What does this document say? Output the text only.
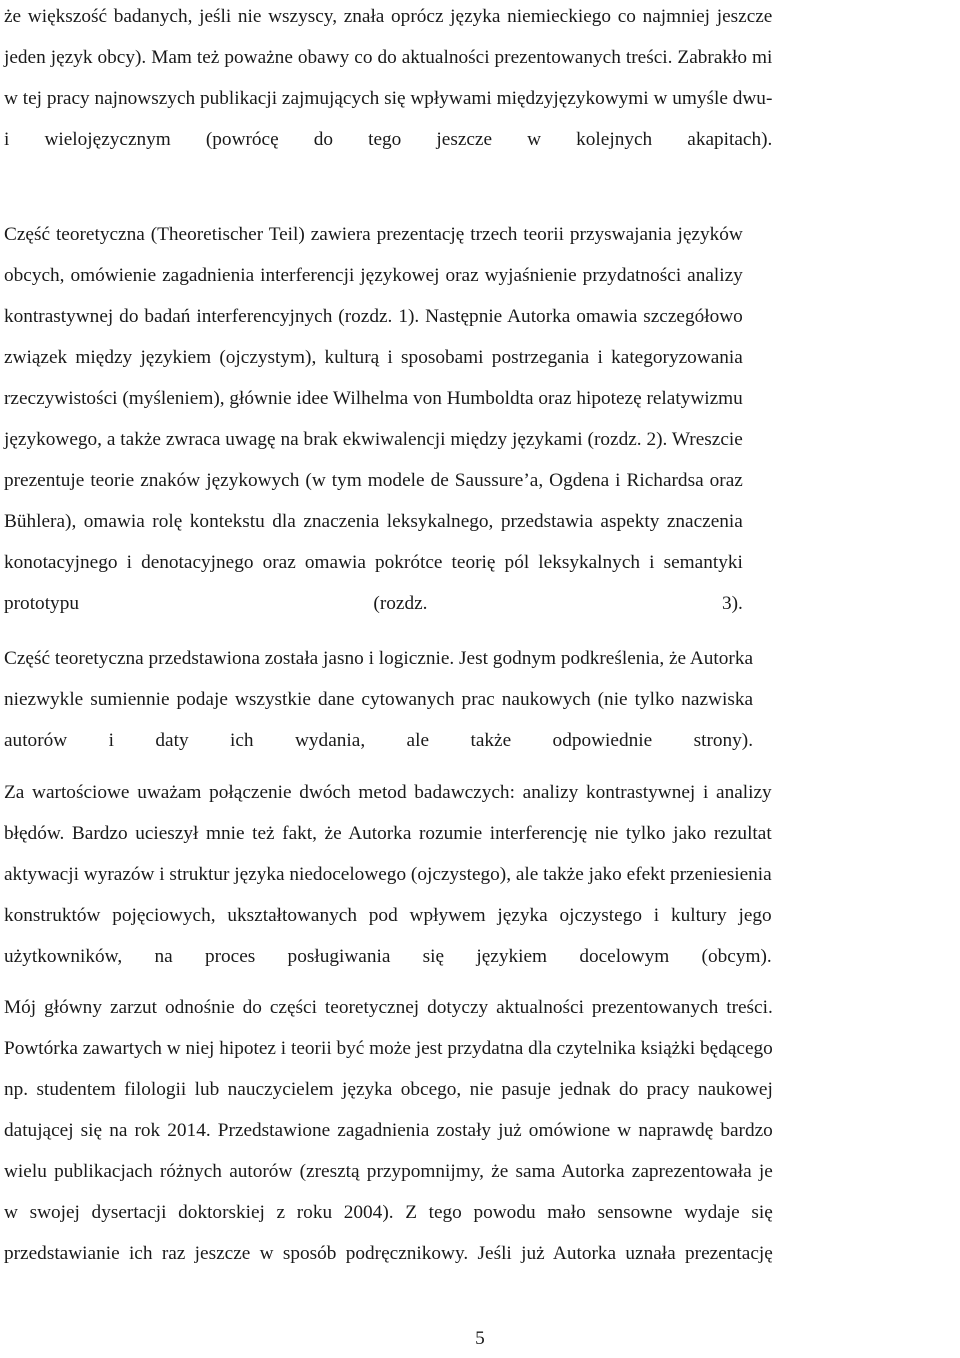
że większość badanych, jeśli nie wszyscy, znała oprócz języka niemieckiego co najmniej jeszcze
jeden język obcy). Mam też poważne obawy co do aktualności prezentowanych treści. Zabrakło mi
w tej pracy najnowszych publikacji zajmujących się wpływami międzyjęzykowymi w umyśle dwu-
i wielojęzycznym (powrócę do tego jeszcze w kolejnych akapitach).
Część teoretyczna (Theoretischer Teil) zawiera prezentację trzech teorii przyswajania języków
obcych, omówienie zagadnienia interferencji językowej oraz wyjaśnienie przydatności analizy
kontrastywnej do badań interferencyjnych (rozdz. 1). Następnie Autorka omawia szczegółowo
związek między językiem (ojczystym), kulturą i sposobami postrzegania i kategoryzowania
rzeczywistości (myśleniem), głównie idee Wilhelma von Humboldta oraz hipotezę relatywizmu
językowego, a także zwraca uwagę na brak ekwiwalencji między językami (rozdz. 2). Wreszcie
prezentuje teorie znaków językowych (w tym modele de Saussure’a, Ogdena i Richardsa oraz
Bühlera), omawia rolę kontekstu dla znaczenia leksykalnego, przedstawia aspekty znaczenia
konotacyjnego i denotacyjnego oraz omawia pokrótce teorię pól leksykalnych i semantyki
prototypu (rozdz. 3).
Część teoretyczna przedstawiona została jasno i logicznie. Jest godnym podkreślenia, że Autorka
niezwykle sumiennie podaje wszystkie dane cytowanych prac naukowych (nie tylko nazwiska
autorów i daty ich wydania, ale także odpowiednie strony).
Za wartościowe uważam połączenie dwóch metod badawczych: analizy kontrastywnej i analizy
błędów. Bardzo ucieszył mnie też fakt, że Autorka rozumie interferencję nie tylko jako rezultat
aktywacji wyrazów i struktur języka niedocelowego (ojczystego), ale także jako efekt przeniesienia
konstruktów pojęciowych, ukształtowanych pod wpływem języka ojczystego i kultury jego
użytkowników, na proces posługiwania się językiem docelowym (obcym).
Mój główny zarzut odnośnie do części teoretycznej dotyczy aktualności prezentowanych treści.
Powtórka zawartych w niej hipotez i teorii być może jest przydatna dla czytelnika książki będącego
np. studentem filologii lub nauczycielem języka obcego, nie pasuje jednak do pracy naukowej
datującej się na rok 2014. Przedstawione zagadnienia zostały już omówione w naprawdę bardzo
wielu publikacjach różnych autorów (zresztą przypomnijmy, że sama Autorka zaprezentowała je
w swojej dysertacji doktorskiej z roku 2004). Z tego powodu mało sensowne wydaje się
przedstawianie ich raz jeszcze w sposób podręcznikowy. Jeśli już Autorka uznała prezentację
5
